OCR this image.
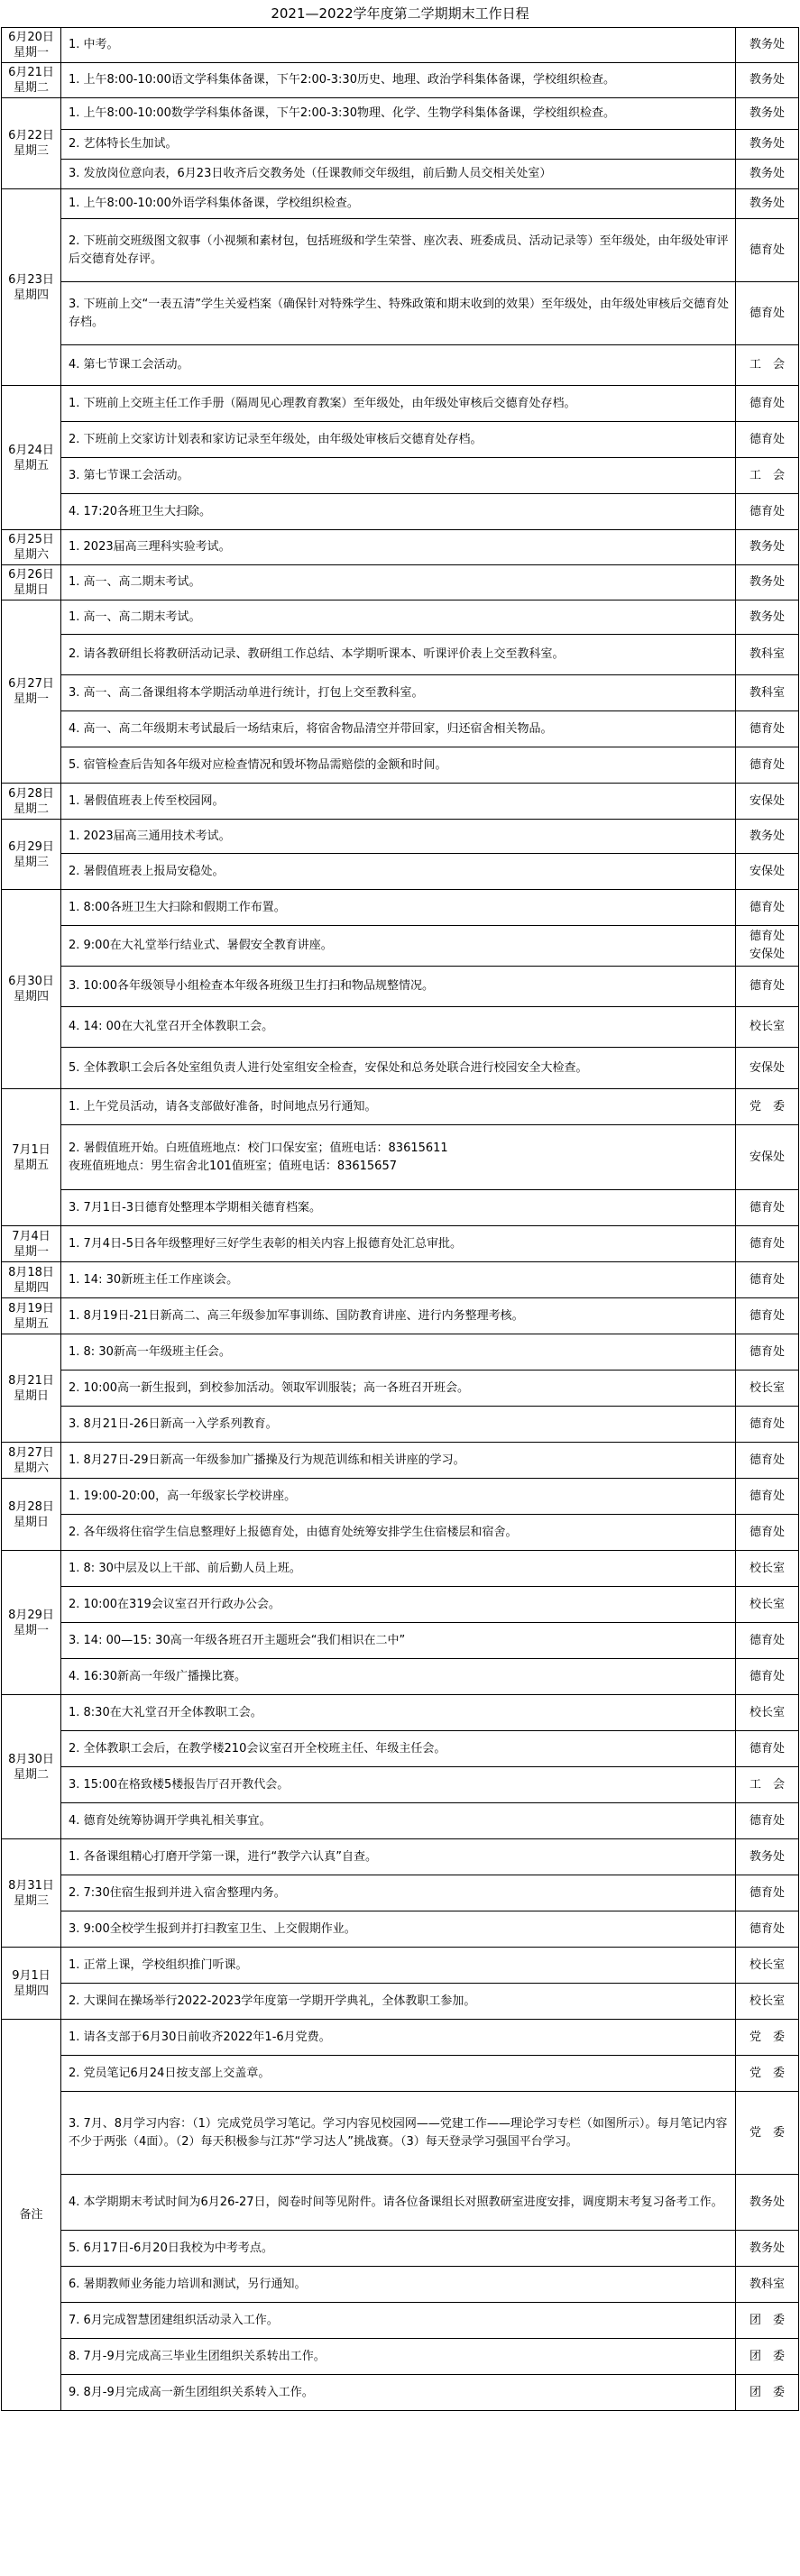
2021—2022学年度第二学期期末工作日程
6月20日
星期一	1. 中考。	教务处

6月21日
星期二	1. 上午8:00-10:00语文学科集体备课，下午2:00-3:30历史、地理、政治学科集体备课，学校组织检查。	教务处

6月22日
星期三	1. 上午8:00-10:00数学学科集体备课，下午2:00-3:30物理、化学、生物学科集体备课，学校组织检查。	教务处

	2. 艺体特长生加试。	教务处

	3. 发放岗位意向表，6月23日收齐后交教务处（任课教师交年级组，前后勤人员交相关处室）	教务处

6月23日
星期四	1. 上午8:00-10:00外语学科集体备课，学校组织检查。	教务处

	2. 下班前交班级图文叙事（小视频和素材包，包括班级和学生荣誉、座次表、班委成员、活动记录等）至年级处，由年级处审评后交德育处存评。	德育处

	3. 下班前上交“一表五清”学生关爱档案（确保针对特殊学生、特殊政策和期末收到的效果）至年级处，由年级处审核后交德育处存档。	德育处

	4. 第七节课工会活动。	工　会

6月24日
星期五	1. 下班前上交班主任工作手册（隔周见心理教育教案）至年级处，由年级处审核后交德育处存档。	德育处

	2. 下班前上交家访计划表和家访记录至年级处，由年级处审核后交德育处存档。	德育处

	3. 第七节课工会活动。	工　会

	4. 17:20各班卫生大扫除。	德育处

6月25日
星期六	1. 2023届高三理科实验考试。	教务处

6月26日
星期日	1. 高一、高二期末考试。	教务处

6月27日
星期一	1. 高一、高二期末考试。	教务处

	2. 请各教研组长将教研活动记录、教研组工作总结、本学期听课本、听课评价表上交至教科室。	教科室

	3. 高一、高二备课组将本学期活动单进行统计，打包上交至教科室。	教科室

	4. 高一、高二年级期末考试最后一场结束后，将宿舍物品清空并带回家，归还宿舍相关物品。	德育处

	5. 宿管检查后告知各年级对应检查情况和毁坏物品需赔偿的金额和时间。	德育处

6月28日
星期二	1. 暑假值班表上传至校园网。	安保处

6月29日
星期三	1. 2023届高三通用技术考试。	教务处

	2. 暑假值班表上报局安稳处。	安保处

6月30日
星期四	1. 8:00各班卫生大扫除和假期工作布置。	德育处

	2. 9:00在大礼堂举行结业式、暑假安全教育讲座。	德育处
安保处

	3. 10:00各年级领导小组检查本年级各班级卫生打扫和物品规整情况。	德育处

	4. 14: 00在大礼堂召开全体教职工会。	校长室

	5. 全体教职工会后各处室组负责人进行处室组安全检查，安保处和总务处联合进行校园安全大检查。	安保处

7月1日
星期五	1. 上午党员活动，请各支部做好准备，时间地点另行通知。	党　委

	2. 暑假值班开始。白班值班地点：校门口保安室；值班电话：83615611
夜班值班地点：男生宿舍北101值班室；值班电话：83615657	安保处

	3. 7月1日-3日德育处整理本学期相关德育档案。	德育处

7月4日
星期一	1. 7月4日-5日各年级整理好三好学生表彰的相关内容上报德育处汇总审批。	德育处

8月18日
星期四	1. 14: 30新班主任工作座谈会。	德育处

8月19日
星期五	1. 8月19日-21日新高二、高三年级参加军事训练、国防教育讲座、进行内务整理考核。	德育处

8月21日
星期日	1. 8: 30新高一年级班主任会。	德育处

	2. 10:00高一新生报到，到校参加活动。领取军训服装；高一各班召开班会。	校长室

	3. 8月21日-26日新高一入学系列教育。	德育处

8月27日
星期六	1. 8月27日-29日新高一年级参加广播操及行为规范训练和相关讲座的学习。	德育处

8月28日
星期日	1. 19:00-20:00，高一年级家长学校讲座。	德育处

	2. 各年级将住宿学生信息整理好上报德育处，由德育处统筹安排学生住宿楼层和宿舍。	德育处

8月29日
星期一	1. 8: 30中层及以上干部、前后勤人员上班。	校长室

	2. 10:00在319会议室召开行政办公会。	校长室

	3. 14: 00—15: 30高一年级各班召开主题班会“我们相识在二中”	德育处

	4. 16:30新高一年级广播操比赛。	德育处

8月30日
星期二	1. 8:30在大礼堂召开全体教职工会。	校长室

	2. 全体教职工会后，在教学楼210会议室召开全校班主任、年级主任会。	德育处

	3. 15:00在格致楼5楼报告厅召开教代会。	工　会

	4. 德育处统筹协调开学典礼相关事宜。	德育处

8月31日
星期三	1. 各备课组精心打磨开学第一课，进行“教学六认真”自查。	教务处

	2. 7:30住宿生报到并进入宿舍整理内务。	德育处

	3. 9:00全校学生报到并打扫教室卫生、上交假期作业。	德育处

9月1日
星期四	1. 正常上课，学校组织推门听课。	校长室

	2. 大课间在操场举行2022-2023学年度第一学期开学典礼，全体教职工参加。	校长室

备注	1. 请各支部于6月30日前收齐2022年1-6月党费。	党　委

	2. 党员笔记6月24日按支部上交盖章。	党　委

	3. 7月、8月学习内容：（1）完成党员学习笔记。学习内容见校园网——党建工作——理论学习专栏（如图所示）。每月笔记内容不少于两张（4面）。（2）每天积极参与江苏“学习达人”挑战赛。（3）每天登录学习强国平台学习。	党　委

	4. 本学期期末考试时间为6月26-27日，阅卷时间等见附件。请各位备课组长对照教研室进度安排，调度期末考复习备考工作。	教务处

	5. 6月17日-6月20日我校为中考考点。	教务处

	6. 暑期教师业务能力培训和测试，另行通知。	教科室

	7. 6月完成智慧团建组织活动录入工作。	团　委

	8. 7月-9月完成高三毕业生团组织关系转出工作。	团　委

	9. 8月-9月完成高一新生团组织关系转入工作。	团　委
